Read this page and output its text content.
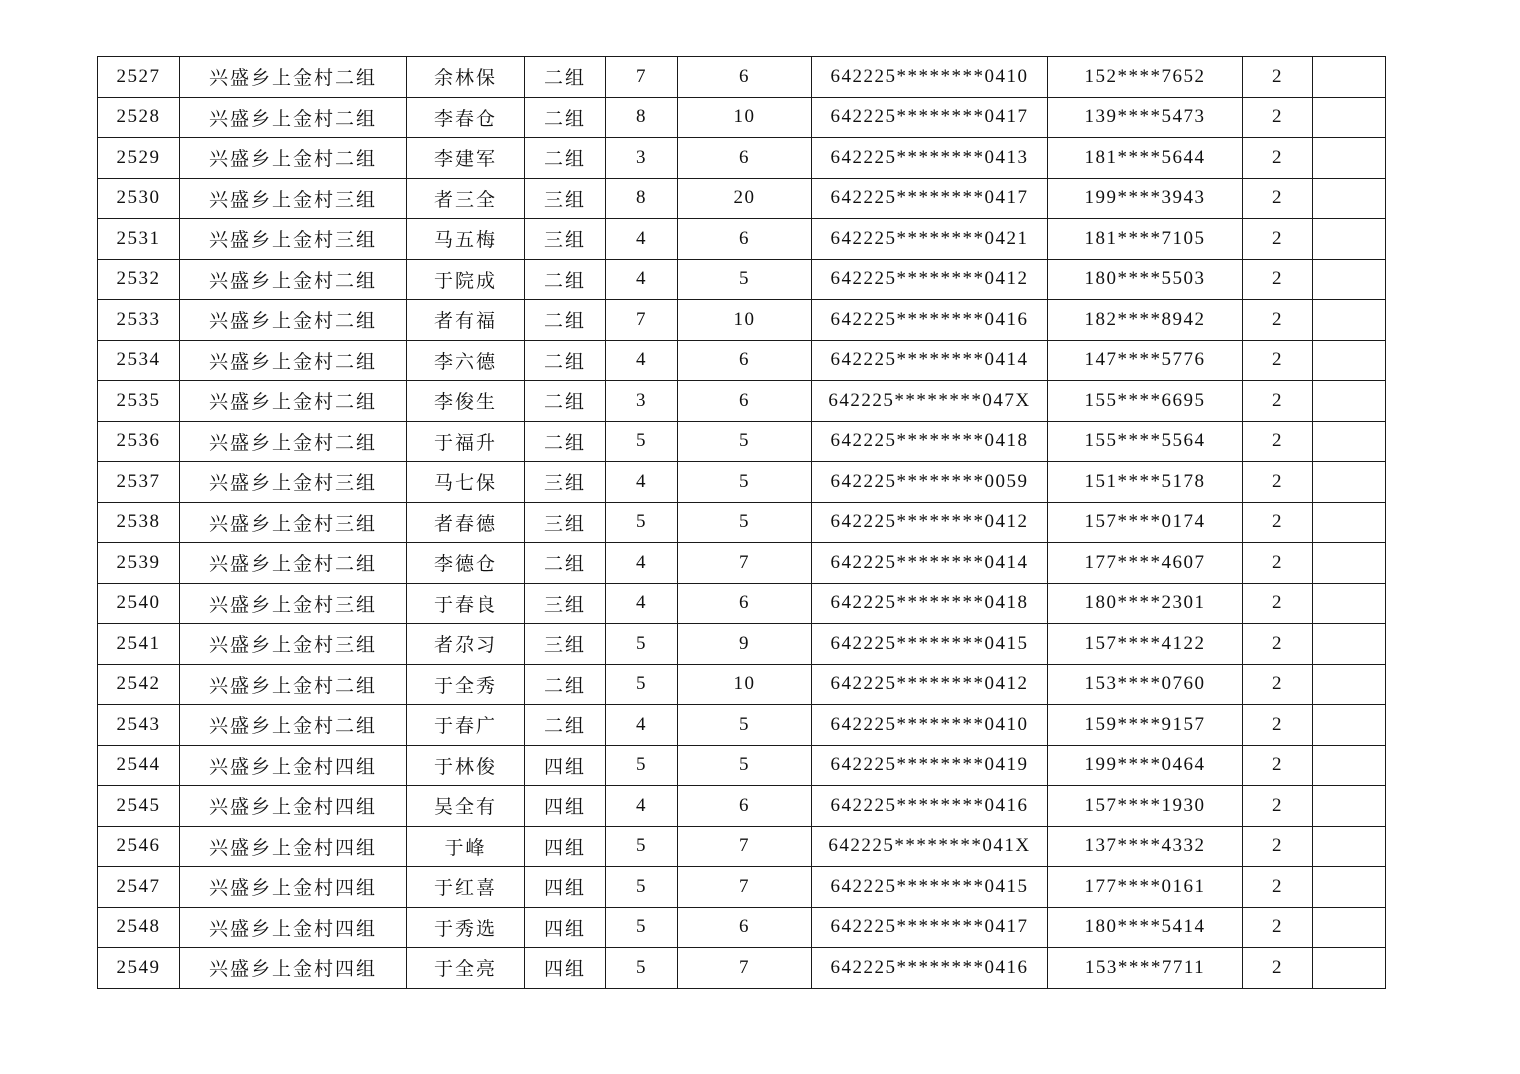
2527	兴盛乡上金村二组	余林保	二组	7	6	642225********0410	152****7652	2	
2528	兴盛乡上金村二组	李春仓	二组	8	10	642225********0417	139****5473	2	
2529	兴盛乡上金村二组	李建军	二组	3	6	642225********0413	181****5644	2	
2530	兴盛乡上金村三组	者三全	三组	8	20	642225********0417	199****3943	2	
2531	兴盛乡上金村三组	马五梅	三组	4	6	642225********0421	181****7105	2	
2532	兴盛乡上金村二组	于院成	二组	4	5	642225********0412	180****5503	2	
2533	兴盛乡上金村二组	者有福	二组	7	10	642225********0416	182****8942	2	
2534	兴盛乡上金村二组	李六德	二组	4	6	642225********0414	147****5776	2	
2535	兴盛乡上金村二组	李俊生	二组	3	6	642225********047X	155****6695	2	
2536	兴盛乡上金村二组	于福升	二组	5	5	642225********0418	155****5564	2	
2537	兴盛乡上金村三组	马七保	三组	4	5	642225********0059	151****5178	2	
2538	兴盛乡上金村三组	者春德	三组	5	5	642225********0412	157****0174	2	
2539	兴盛乡上金村二组	李德仓	二组	4	7	642225********0414	177****4607	2	
2540	兴盛乡上金村三组	于春良	三组	4	6	642225********0418	180****2301	2	
2541	兴盛乡上金村三组	者尕习	三组	5	9	642225********0415	157****4122	2	
2542	兴盛乡上金村二组	于全秀	二组	5	10	642225********0412	153****0760	2	
2543	兴盛乡上金村二组	于春广	二组	4	5	642225********0410	159****9157	2	
2544	兴盛乡上金村四组	于林俊	四组	5	5	642225********0419	199****0464	2	
2545	兴盛乡上金村四组	吴全有	四组	4	6	642225********0416	157****1930	2	
2546	兴盛乡上金村四组	于峰	四组	5	7	642225********041X	137****4332	2	
2547	兴盛乡上金村四组	于红喜	四组	5	7	642225********0415	177****0161	2	
2548	兴盛乡上金村四组	于秀选	四组	5	6	642225********0417	180****5414	2	
2549	兴盛乡上金村四组	于全亮	四组	5	7	642225********0416	153****7711	2	
